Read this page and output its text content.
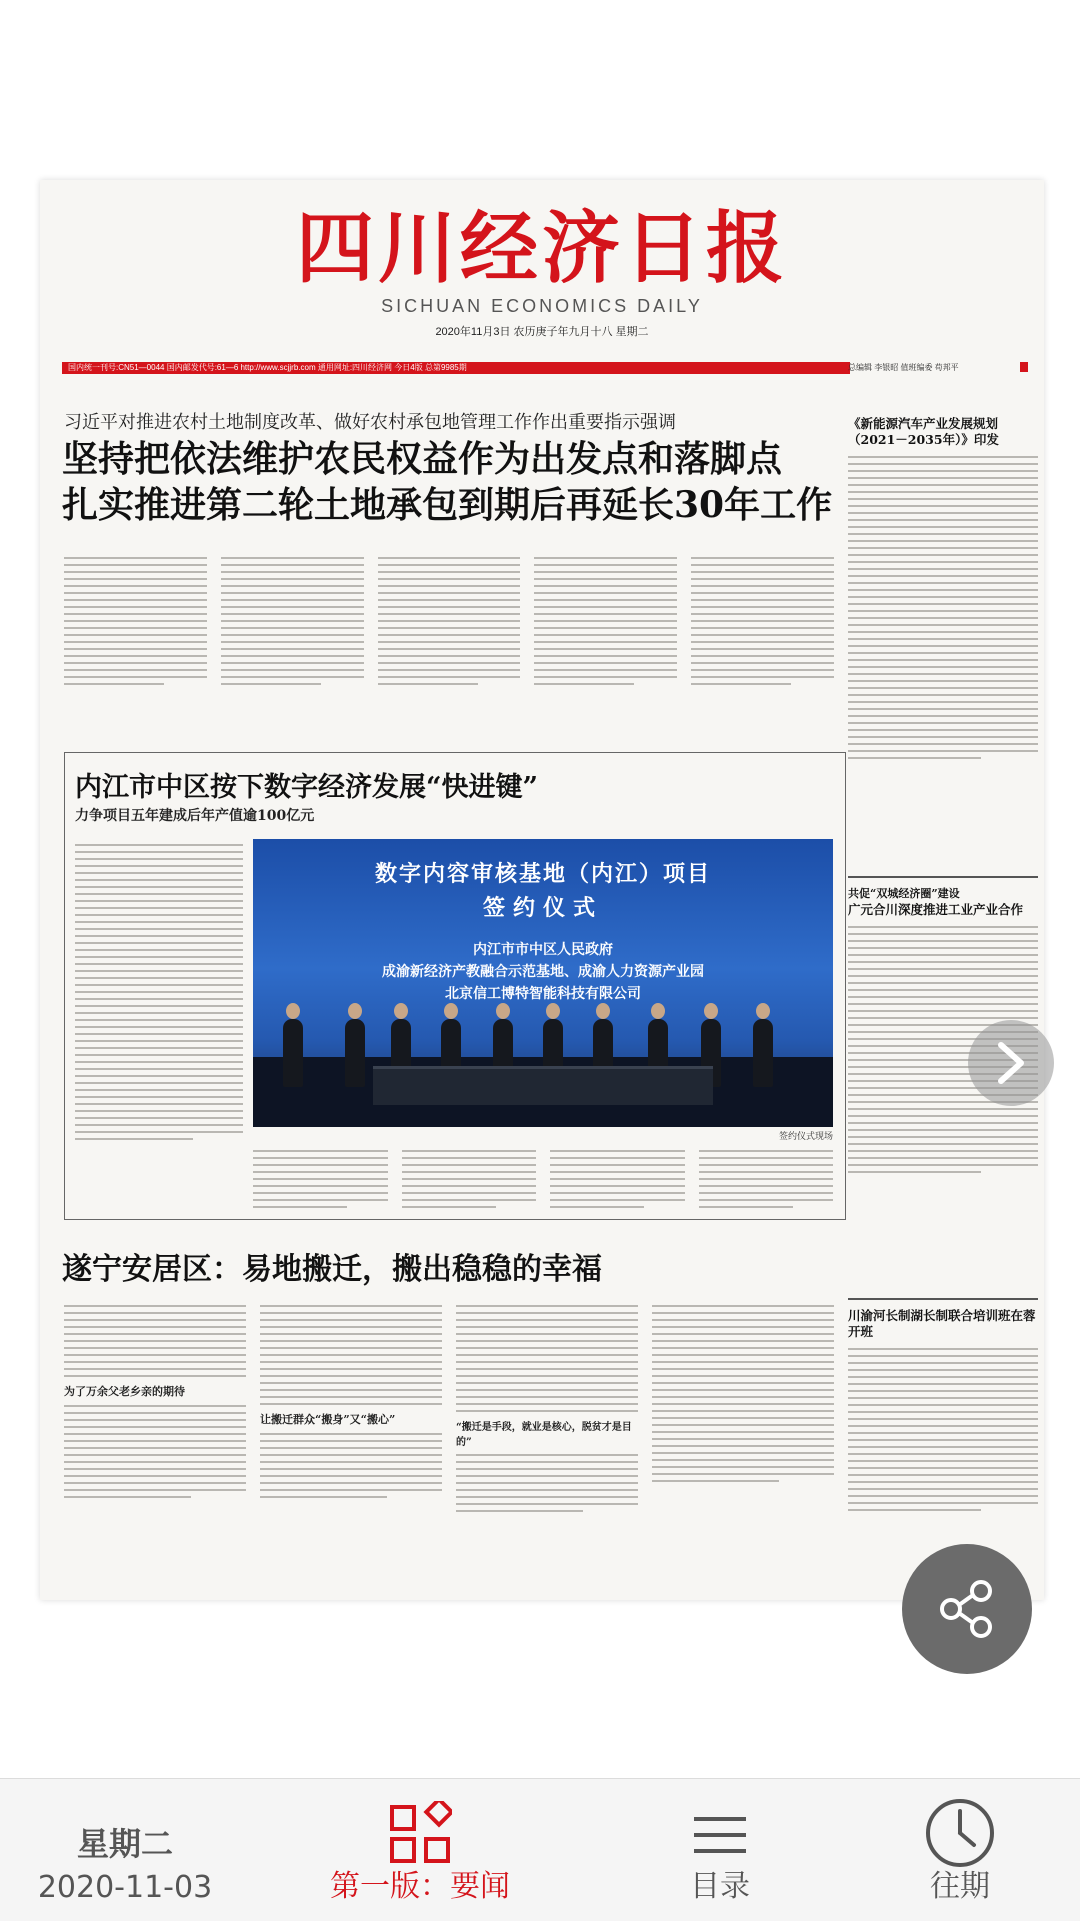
四川经济日报
SICHUAN ECONOMICS DAILY
2020年11月3日 农历庚子年九月十八 星期二
国内统一刊号:CN51—0044 国内邮发代号:61—6 http://www.scjjrb.com 通用网址:四川经济网 今日4版 总第9985期	总编辑 李银昭 值班编委 苟邦平
习近平对推进农村土地制度改革、做好农村承包地管理工作作出重要指示强调
坚持把依法维护农民权益作为出发点和落脚点
扎实推进第二轮土地承包到期后再延长30年工作
内江市中区按下数字经济发展“快进键”
力争项目五年建成后年产值逾100亿元
数字内容审核基地（内江）项目
签约仪式
内江市市中区人民政府
成渝新经济产教融合示范基地、成渝人力资源产业园
北京信工博特智能科技有限公司
签约仪式现场
遂宁安居区：易地搬迁，搬出稳稳的幸福
为了万余父老乡亲的期待
让搬迁群众“搬身”又“搬心”
“搬迁是手段，就业是核心，脱贫才是目的”
《新能源汽车产业发展规划（2021－2035年）》印发
共促“双城经济圈”建设
广元合川深度推进工业产业合作
川渝河长制湖长制联合培训班在蓉开班
星期二
2020-11-03	第一版：要闻	目录	往期
